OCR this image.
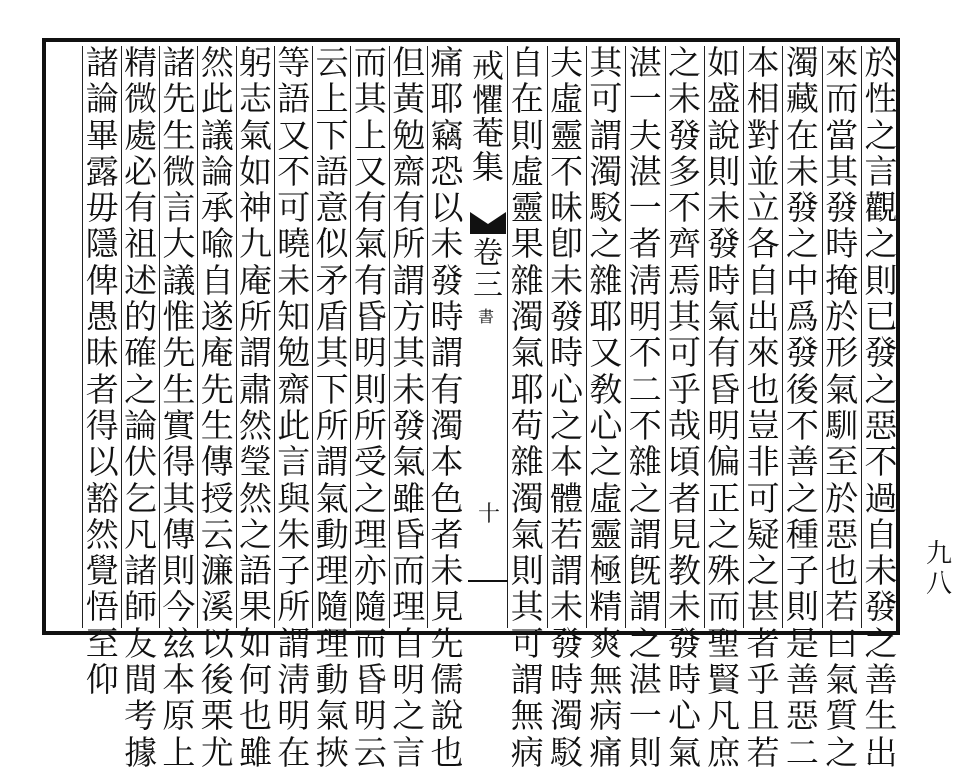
於
性
之
言
觀
之
則
已
發
之
惡
不
過
自
未
發
之
善
生
出
來
而
當
其
發
時
掩
於
形
氣
馴
至
於
惡
也
若
曰
氣
質
之
濁
藏
在
未
發
之
中
爲
發
後
不
善
之
種
子
則
是
善
惡
二
本
相
對
並
立
各
自
出
來
也
豈
非
可
疑
之
甚
者
乎
且
若
如
盛
說
則
未
發
時
氣
有
昏
明
偏
正
之
殊
而
聖
賢
凡
庶
之
未
發
多
不
齊
焉
其
可
乎
哉
頃
者
見
教
未
發
時
心
氣
湛
一
夫
湛
一
者
淸
明
不
二
不
雜
之
謂
旣
謂
之
湛
一
則
其
可
謂
濁
駁
之
雜
耶
又
敎
心
之
虛
靈
極
精
爽
無
病
痛
夫
虛
靈
不
昧
卽
未
發
時
心
之
本
體
若
謂
未
發
時
濁
駁
自
在
則
虛
靈
果
雜
濁
氣
耶
苟
雜
濁
氣
則
其
可
謂
無
病
痛
耶
竊
恐
以
未
發
時
謂
有
濁
本
色
者
未
見
先
儒
說
也
但
黃
勉
齋
有
所
謂
方
其
未
發
氣
雖
昏
而
理
自
明
之
言
而
其
上
又
有
氣
有
昏
明
則
所
受
之
理
亦
隨
而
昏
明
云
云
上
下
語
意
似
矛
盾
其
下
所
謂
氣
動
理
隨
理
動
氣
挾
等
語
又
不
可
曉
未
知
勉
齋
此
言
與
朱
子
所
謂
淸
明
在
躬
志
氣
如
神
九
庵
所
謂
肅
然
瑩
然
之
語
果
如
何
也
雖
然
此
議
論
承
喩
自
遂
庵
先
生
傳
授
云
濂
溪
以
後
栗
尤
諸
先
生
微
言
大
議
惟
先
生
實
得
其
傳
則
今
玆
本
原
上
精
微
處
必
有
祖
述
的
確
之
論
伏
乞
凡
諸
師
友
間
考
據
諸
論
畢
露
毋
隱
俾
愚
昧
者
得
以
豁
然
覺
悟
至
仰
戒
懼
菴
集
卷
三
書
十
九
八
